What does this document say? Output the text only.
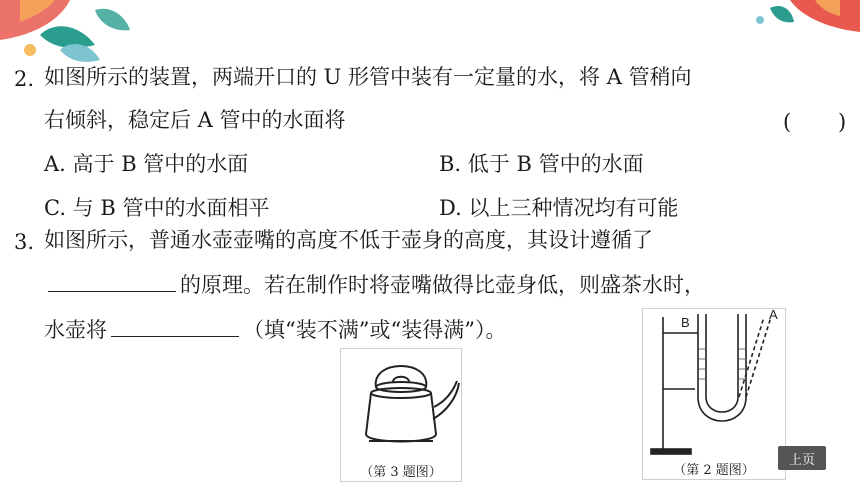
2. 如图所示的装置，两端开口的 U 形管中装有一定量的水，将 A 管稍向
右倾斜，稳定后 A 管中的水面将	( )
A. 高于 B 管中的水面	B. 低于 B 管中的水面
C. 与 B 管中的水面相平	D. 以上三种情况均有可能
3. 如图所示，普通水壶壶嘴的高度不低于壶身的高度，其设计遵循了
的原理。若在制作时将壶嘴做得比壶身低，则盛茶水时，
水壶将	（填“装不满”或“装得满”）。
（第 3 题图）
B
A
（第 2 题图）
上页
